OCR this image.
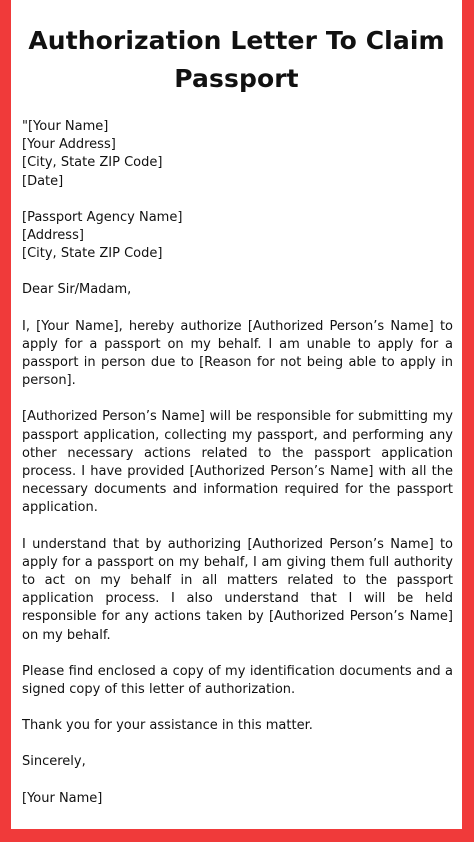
Authorization Letter To Claim
Passport
"[Your Name]
[Your Address]
[City, State ZIP Code]
[Date]
[Passport Agency Name]
[Address]
[City, State ZIP Code]
Dear Sir/Madam,

I, [Your Name], hereby authorize [Authorized Person’s Name] to apply for a passport on my behalf. I am unable to apply for a passport in person due to [Reason for not being able to apply in person].

[Authorized Person’s Name] will be responsible for submitting my passport application, collecting my passport, and performing any other necessary actions related to the passport application process. I have provided [Authorized Person’s Name] with all the necessary documents and information required for the passport application.

I understand that by authorizing [Authorized Person’s Name] to apply for a passport on my behalf, I am giving them full authority to act on my behalf in all matters related to the passport application process. I also understand that I will be held responsible for any actions taken by [Authorized Person’s Name] on my behalf.

Please find enclosed a copy of my identification documents and a signed copy of this letter of authorization.

Thank you for your assistance in this matter.

Sincerely,
[Your Name]
